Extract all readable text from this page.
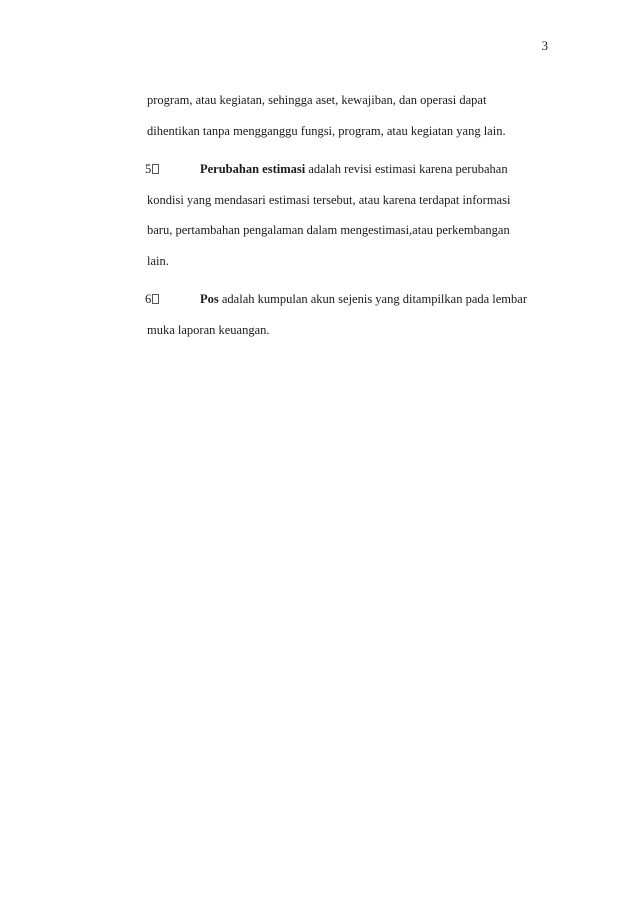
3
program, atau kegiatan, sehingga aset, kewajiban, dan operasi dapat
dihentikan tanpa mengganggu fungsi, program, atau kegiatan yang lain.
5	Perubahan estimasi adalah revisi estimasi karena perubahan
kondisi yang mendasari estimasi tersebut, atau karena terdapat informasi
baru, pertambahan pengalaman dalam mengestimasi,atau perkembangan
lain.
6	Pos adalah kumpulan akun sejenis yang ditampilkan pada lembar
muka laporan keuangan.
